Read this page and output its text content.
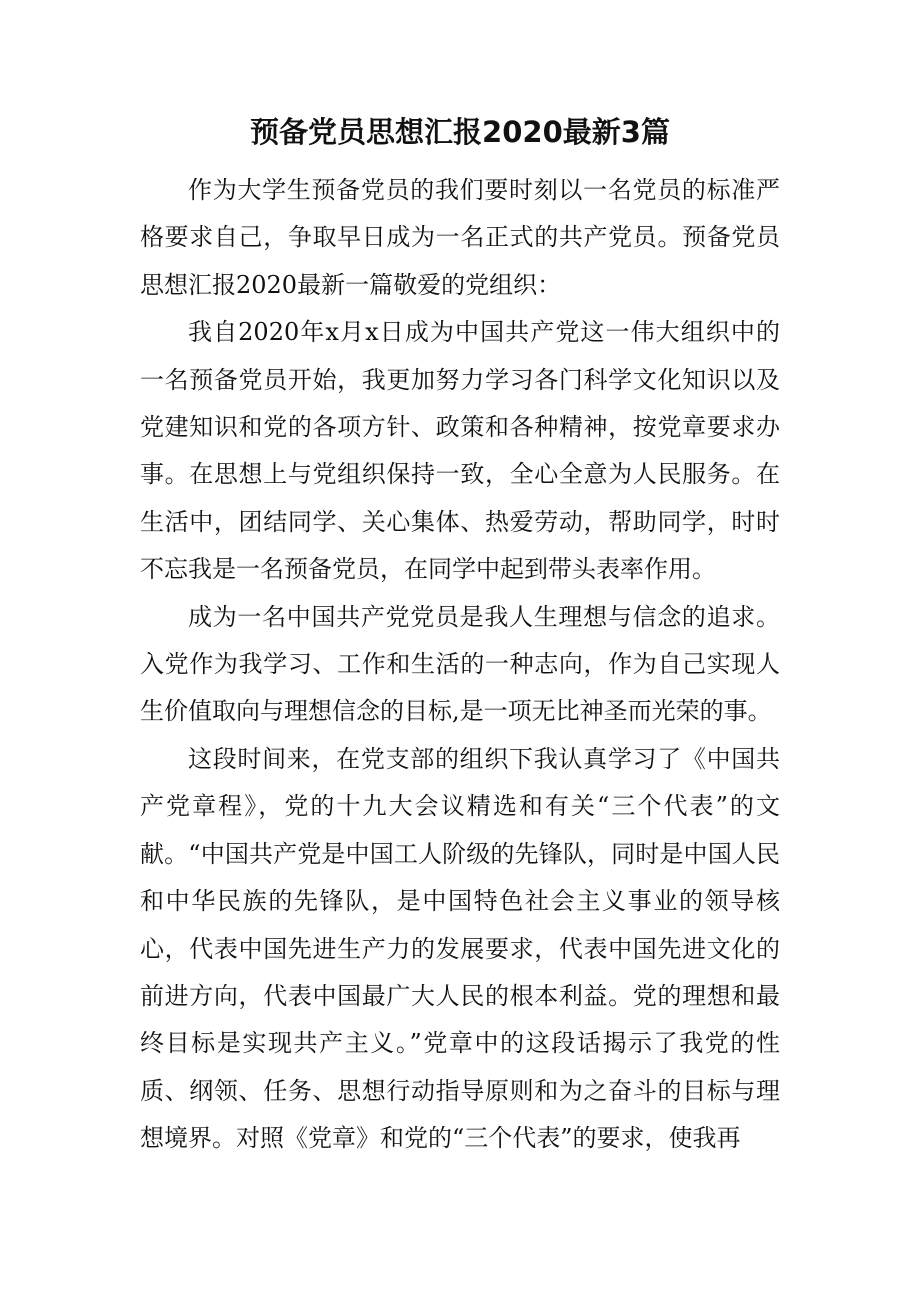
预备党员思想汇报2020最新3篇

作为大学生预备党员的我们要时刻以一名党员的标准严格要求自己，争取早日成为一名正式的共产党员。预备党员思想汇报2020最新一篇敬爱的党组织：

我自2020年x月x日成为中国共产党这一伟大组织中的一名预备党员开始，我更加努力学习各门科学文化知识以及党建知识和党的各项方针、政策和各种精神，按党章要求办事。在思想上与党组织保持一致，全心全意为人民服务。在生活中，团结同学、关心集体、热爱劳动，帮助同学，时时不忘我是一名预备党员，在同学中起到带头表率作用。

成为一名中国共产党党员是我人生理想与信念的追求。入党作为我学习、工作和生活的一种志向，作为自己实现人生价值取向与理想信念的目标,是一项无比神圣而光荣的事。

这段时间来，在党支部的组织下我认真学习了《中国共产党章程》，党的十九大会议精选和有关“三个代表”的文献。“中国共产党是中国工人阶级的先锋队，同时是中国人民和中华民族的先锋队，是中国特色社会主义事业的领导核心，代表中国先进生产力的发展要求，代表中国先进文化的前进方向，代表中国最广大人民的根本利益。党的理想和最终目标是实现共产主义。”党章中的这段话揭示了我党的性质、纲领、任务、思想行动指导原则和为之奋斗的目标与理想境界。对照《党章》和党的“三个代表”的要求，使我再
